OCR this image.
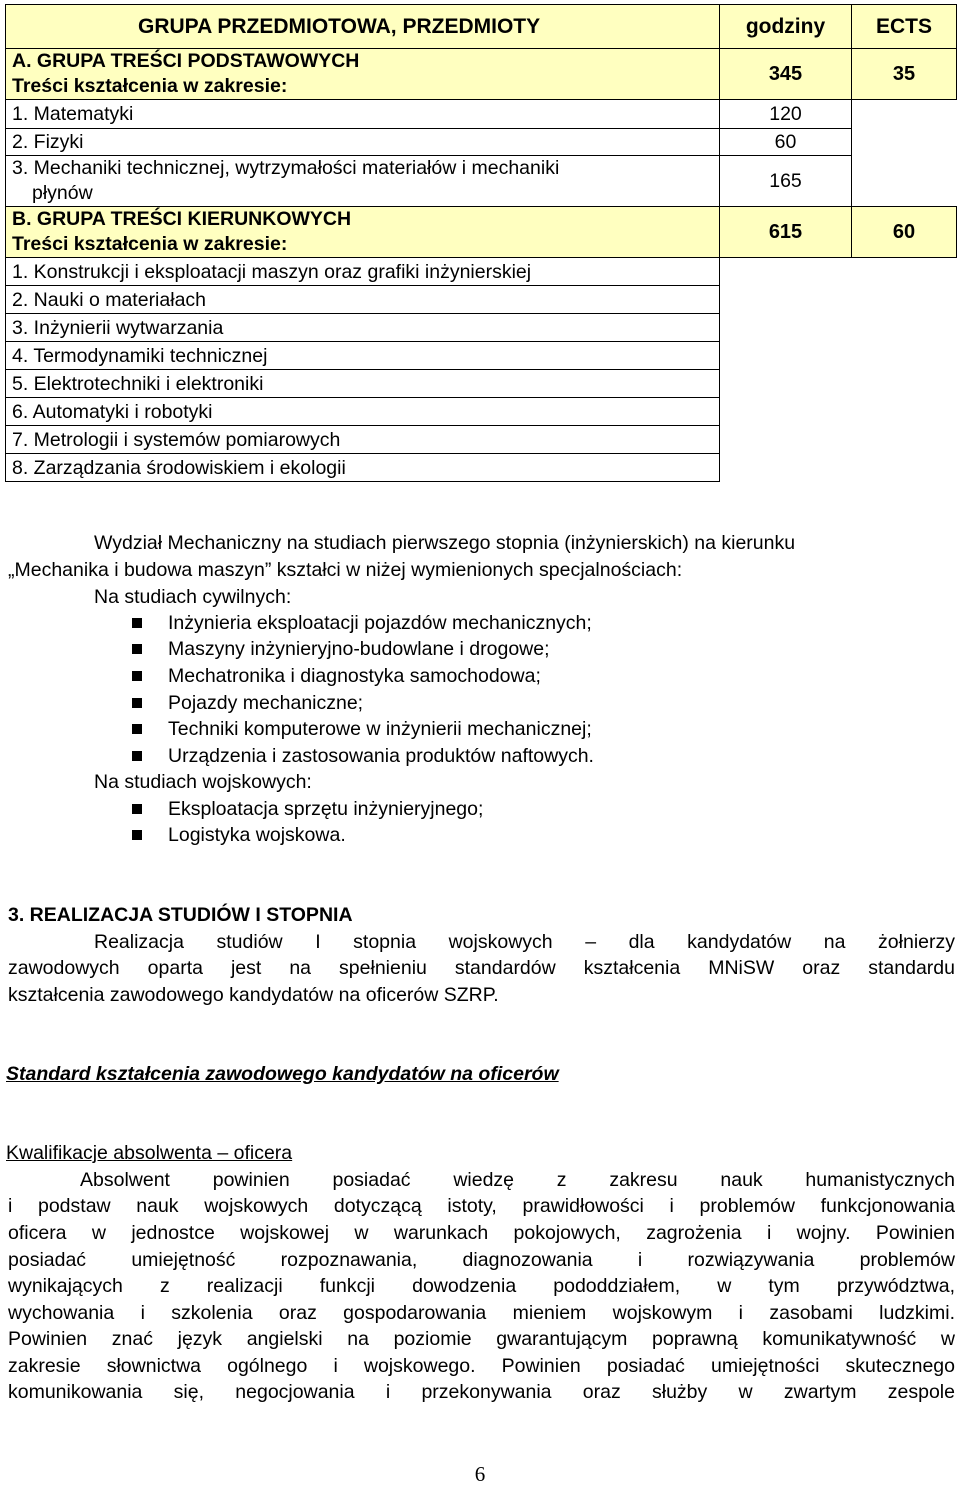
GRUPA PRZEDMIOTOWA, PRZEDMIOTY	godziny	ECTS

A. GRUPA TREŚCI PODSTAWOWYCH
Treści kształcenia w zakresie:	345	35
1. Matematyki	120	
2. Fizyki	60	

3. Mechaniki technicznej, wytrzymałości materiałów i mechaniki
płynów	165	

B. GRUPA TREŚCI KIERUNKOWYCH
Treści kształcenia w zakresie:	615	60
1. Konstrukcji i eksploatacji maszyn oraz grafiki inżynierskiej		
2. Nauki o materiałach		
3. Inżynierii wytwarzania		
4. Termodynamiki technicznej		
5. Elektrotechniki i elektroniki		
6. Automatyki i robotyki		
7. Metrologii i systemów pomiarowych		
8. Zarządzania środowiskiem i ekologii		
Wydział Mechaniczny na studiach pierwszego stopnia (inżynierskich) na kierunku
„Mechanika i budowa maszyn” kształci w niżej wymienionych specjalnościach:
Na studiach cywilnych:
Inżynieria eksploatacji pojazdów mechanicznych;
Maszyny inżynieryjno-budowlane i drogowe;
Mechatronika i diagnostyka samochodowa;
Pojazdy mechaniczne;
Techniki komputerowe w inżynierii mechanicznej;
Urządzenia i zastosowania produktów naftowych.
Na studiach wojskowych:
Eksploatacja sprzętu inżynieryjnego;
Logistyka wojskowa.
3. REALIZACJA STUDIÓW I STOPNIA
Realizacja studiów I stopnia wojskowych – dla kandydatów na żołnierzy
zawodowych oparta jest na spełnieniu standardów kształcenia MNiSW oraz standardu
kształcenia zawodowego kandydatów na oficerów SZRP.
Standard kształcenia zawodowego kandydatów na oficerów
Kwalifikacje absolwenta – oficera
Absolwent powinien posiadać wiedzę z zakresu nauk humanistycznych
i podstaw nauk wojskowych dotyczącą istoty, prawidłowości i problemów funkcjonowania
oficera w jednostce wojskowej w warunkach pokojowych, zagrożenia i wojny. Powinien
posiadać umiejętność rozpoznawania, diagnozowania i rozwiązywania problemów
wynikających z realizacji funkcji dowodzenia pododdziałem, w tym przywództwa,
wychowania i szkolenia oraz gospodarowania mieniem wojskowym i zasobami ludzkimi.
Powinien znać język angielski na poziomie gwarantującym poprawną komunikatywność w
zakresie słownictwa ogólnego i wojskowego. Powinien posiadać umiejętności skutecznego
komunikowania się, negocjowania i przekonywania oraz służby w zwartym zespole
6
